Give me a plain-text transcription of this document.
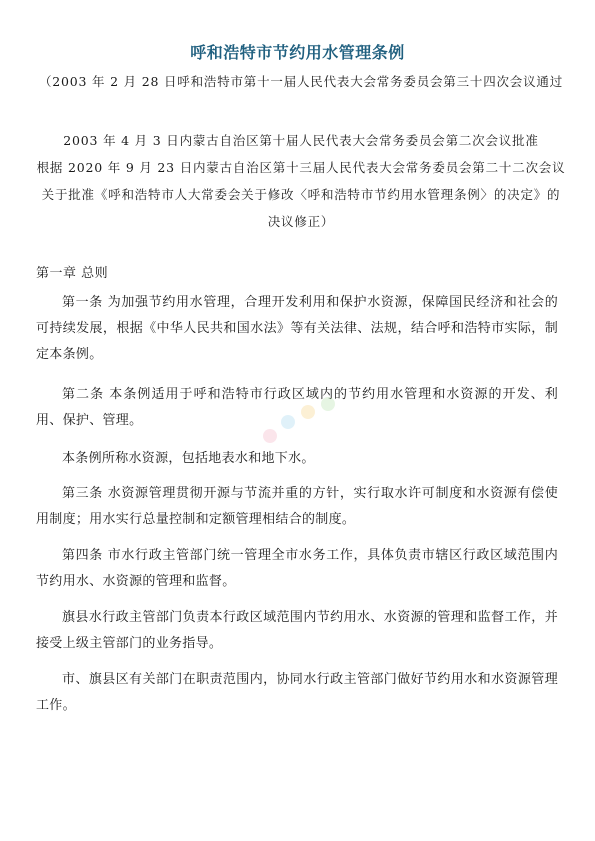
呼和浩特市节约用水管理条例
（2003 年 2 月 28 日呼和浩特市第十一届人民代表大会常务委员会第三十四次会议通过
2003 年 4 月 3 日内蒙古自治区第十届人民代表大会常务委员会第二次会议批准
根据 2020 年 9 月 23 日内蒙古自治区第十三届人民代表大会常务委员会第二十二次会议关于批准《呼和浩特市人大常委会关于修改〈呼和浩特市节约用水管理条例〉的决定》的决议修正）
第一章 总则
第一条 为加强节约用水管理，合理开发利用和保护水资源，保障国民经济和社会的可持续发展，根据《中华人民共和国水法》等有关法律、法规，结合呼和浩特市实际，制定本条例。
第二条 本条例适用于呼和浩特市行政区域内的节约用水管理和水资源的开发、利用、保护、管理。
本条例所称水资源，包括地表水和地下水。
第三条 水资源管理贯彻开源与节流并重的方针，实行取水许可制度和水资源有偿使用制度；用水实行总量控制和定额管理相结合的制度。
第四条 市水行政主管部门统一管理全市水务工作，具体负责市辖区行政区域范围内节约用水、水资源的管理和监督。
旗县水行政主管部门负责本行政区域范围内节约用水、水资源的管理和监督工作，并接受上级主管部门的业务指导。
市、旗县区有关部门在职责范围内，协同水行政主管部门做好节约用水和水资源管理工作。
